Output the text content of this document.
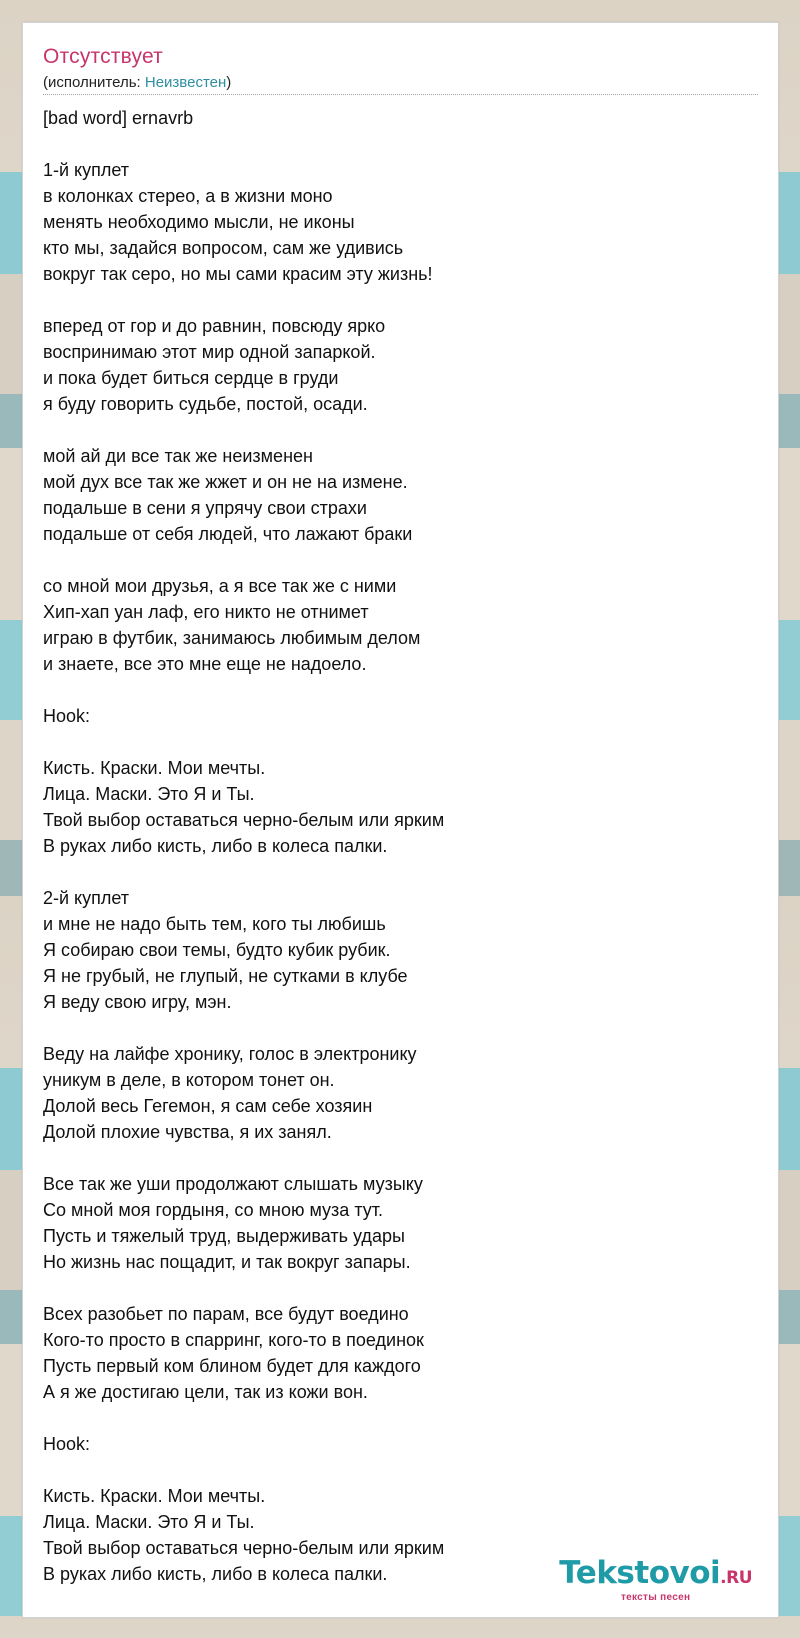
Отсутствует
(исполнитель: Неизвестен)
[bad word] ernavrb
1-й куплет
в колонках стерео, а в жизни моно
менять необходимо мысли, не иконы
кто мы, задайся вопросом, сам же удивись
вокруг так серо, но мы сами красим эту жизнь!
вперед от гор и до равнин, повсюду ярко
воспринимаю этот мир одной запаркой.
и пока будет биться сердце в груди
я буду говорить судьбе, постой, осади.
мой ай ди все так же неизменен
мой дух все так же жжет и он не на измене.
подальше в сени я упрячу свои страхи
подальше от себя людей, что лажают браки
со мной мои друзья, а я все так же с ними
Хип-хап уан лаф, его никто не отнимет
играю в футбик, занимаюсь любимым делом
и знаете, все это мне еще не надоело.
Hook:
Кисть. Краски. Мои мечты.
Лица. Маски. Это Я и Ты.
Твой выбор оставаться черно-белым или ярким
В руках либо кисть, либо в колеса палки.
2-й куплет
и мне не надо быть тем, кого ты любишь
Я собираю свои темы, будто кубик рубик.
Я не грубый, не глупый, не сутками в клубе
Я веду свою игру, мэн.
Веду на лайфе хронику, голос в электронику
уникум в деле, в котором тонет он.
Долой весь Гегемон, я сам себе хозяин
Долой плохие чувства, я их занял.
Все так же уши продолжают слышать музыку
Со мной моя гордыня, со мною муза тут.
Пусть и тяжелый труд, выдерживать удары
Но жизнь нас пощадит, и так вокруг запары.
Всех разобьет по парам, все будут воедино
Кого-то просто в спарринг, кого-то в поединок
Пусть первый ком блином будет для каждого
А я же достигаю цели, так из кожи вон.
Hook:
Кисть. Краски. Мои мечты.
Лица. Маски. Это Я и Ты.
Твой выбор оставаться черно-белым или ярким
В руках либо кисть, либо в колеса палки.	Tekstovoi.RU
тексты песен
